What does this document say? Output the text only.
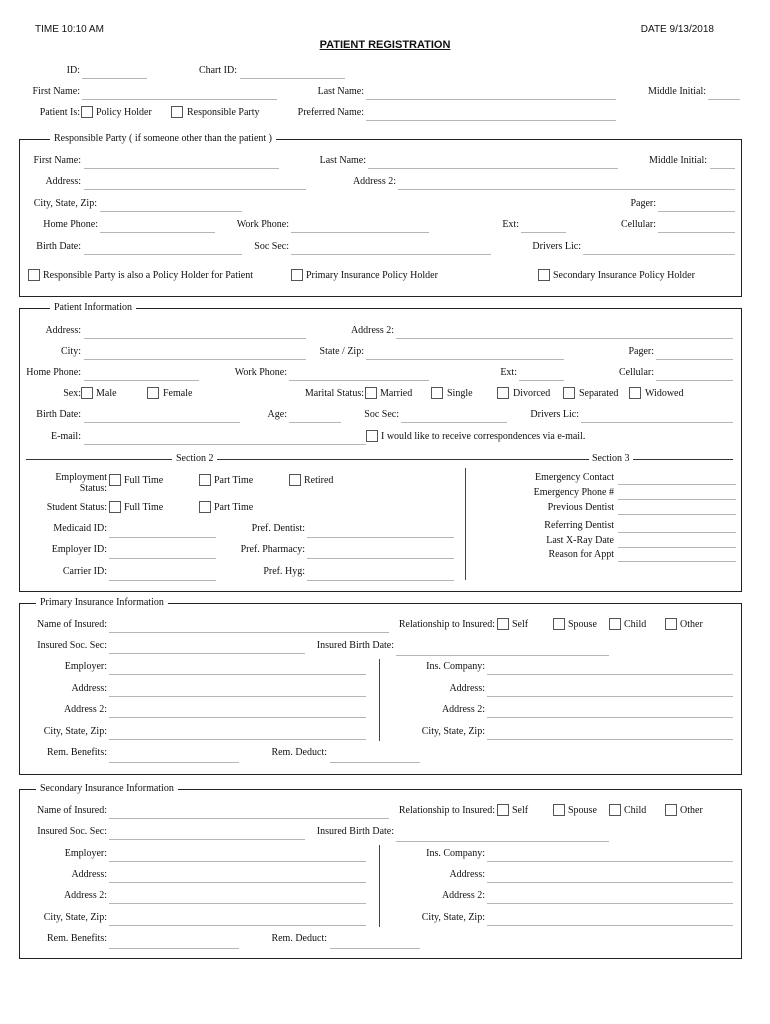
TIME 10:10 AM	DATE 9/13/2018
PATIENT REGISTRATION
ID:	Chart ID:
First Name:	Last Name:	Middle Initial:
Patient Is: Policy Holder	Responsible Party	Preferred Name:
Responsible Party ( if someone other than the patient )
First Name:	Last Name:	Middle Initial:
Address:	Address 2:
City, State, Zip:	Pager:
Home Phone:	Work Phone:	Ext:	Cellular:
Birth Date:	Soc Sec:	Drivers Lic:
Responsible Party is also a Policy Holder for Patient	Primary Insurance Policy Holder	Secondary Insurance Policy Holder
Patient Information
Address:	Address 2:
City:	State / Zip:	Pager:
Home Phone:	Work Phone:	Ext:	Cellular:
Sex: Male	Female	Marital Status: Married	Single	Divorced	Separated	Widowed
Birth Date:	Age:	Soc Sec:	Drivers Lic:
E-mail:	I would like to receive correspondences via e-mail.
Section 2	Section 3
Employment
Status:
Full Time	Part Time	Retired
Student Status: Full Time	Part Time
Medicaid ID:	Pref. Dentist:
Employer ID:	Pref. Pharmacy:
Carrier ID:	Pref. Hyg:
Emergency Contact
Emergency Phone #
Previous Dentist
Referring Dentist
Last X-Ray Date
Reason for Appt
Primary Insurance Information
Name of Insured:	Relationship to Insured: Self	Spouse	Child	Other
Insured Soc. Sec:	Insured Birth Date:
Employer:	Ins. Company:
Address:	Address:
Address 2:	Address 2:
City, State, Zip:	City, State, Zip:
Rem. Benefits:	Rem. Deduct:
Secondary Insurance Information
Name of Insured:	Relationship to Insured: Self	Spouse	Child	Other
Insured Soc. Sec:	Insured Birth Date:
Employer:	Ins. Company:
Address:	Address:
Address 2:	Address 2:
City, State, Zip:	City, State, Zip:
Rem. Benefits:	Rem. Deduct:
